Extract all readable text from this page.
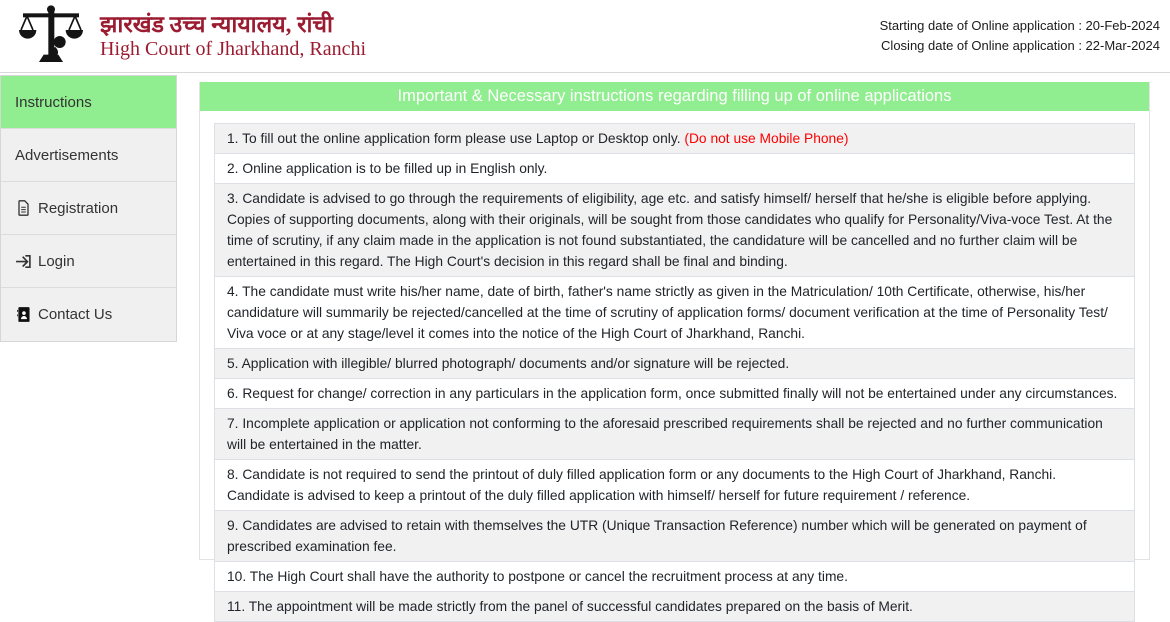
झारखंड उच्च न्यायालय, रांची
High Court of Jharkhand, Ranchi
Starting date of Online application : 20-Feb-2024
Closing date of Online application : 22-Mar-2024
Instructions
Advertisements
Registration
Login
Contact Us
Important & Necessary instructions regarding filling up of online applications
1. To fill out the online application form please use Laptop or Desktop only. (Do not use Mobile Phone)
2. Online application is to be filled up in English only.
3. Candidate is advised to go through the requirements of eligibility, age etc. and satisfy himself/ herself that he/she is eligible before applying. Copies of supporting documents, along with their originals, will be sought from those candidates who qualify for Personality/Viva-voce Test. At the time of scrutiny, if any claim made in the application is not found substantiated, the candidature will be cancelled and no further claim will be entertained in this regard. The High Court's decision in this regard shall be final and binding.
4. The candidate must write his/her name, date of birth, father's name strictly as given in the Matriculation/ 10th Certificate, otherwise, his/her candidature will summarily be rejected/cancelled at the time of scrutiny of application forms/ document verification at the time of Personality Test/ Viva voce or at any stage/level it comes into the notice of the High Court of Jharkhand, Ranchi.
5. Application with illegible/ blurred photograph/ documents and/or signature will be rejected.
6. Request for change/ correction in any particulars in the application form, once submitted finally will not be entertained under any circumstances.
7. Incomplete application or application not conforming to the aforesaid prescribed requirements shall be rejected and no further communication will be entertained in the matter.
8. Candidate is not required to send the printout of duly filled application form or any documents to the High Court of Jharkhand, Ranchi. Candidate is advised to keep a printout of the duly filled application with himself/ herself for future requirement / reference.
9. Candidates are advised to retain with themselves the UTR (Unique Transaction Reference) number which will be generated on payment of prescribed examination fee.
10. The High Court shall have the authority to postpone or cancel the recruitment process at any time.
11. The appointment will be made strictly from the panel of successful candidates prepared on the basis of Merit.
